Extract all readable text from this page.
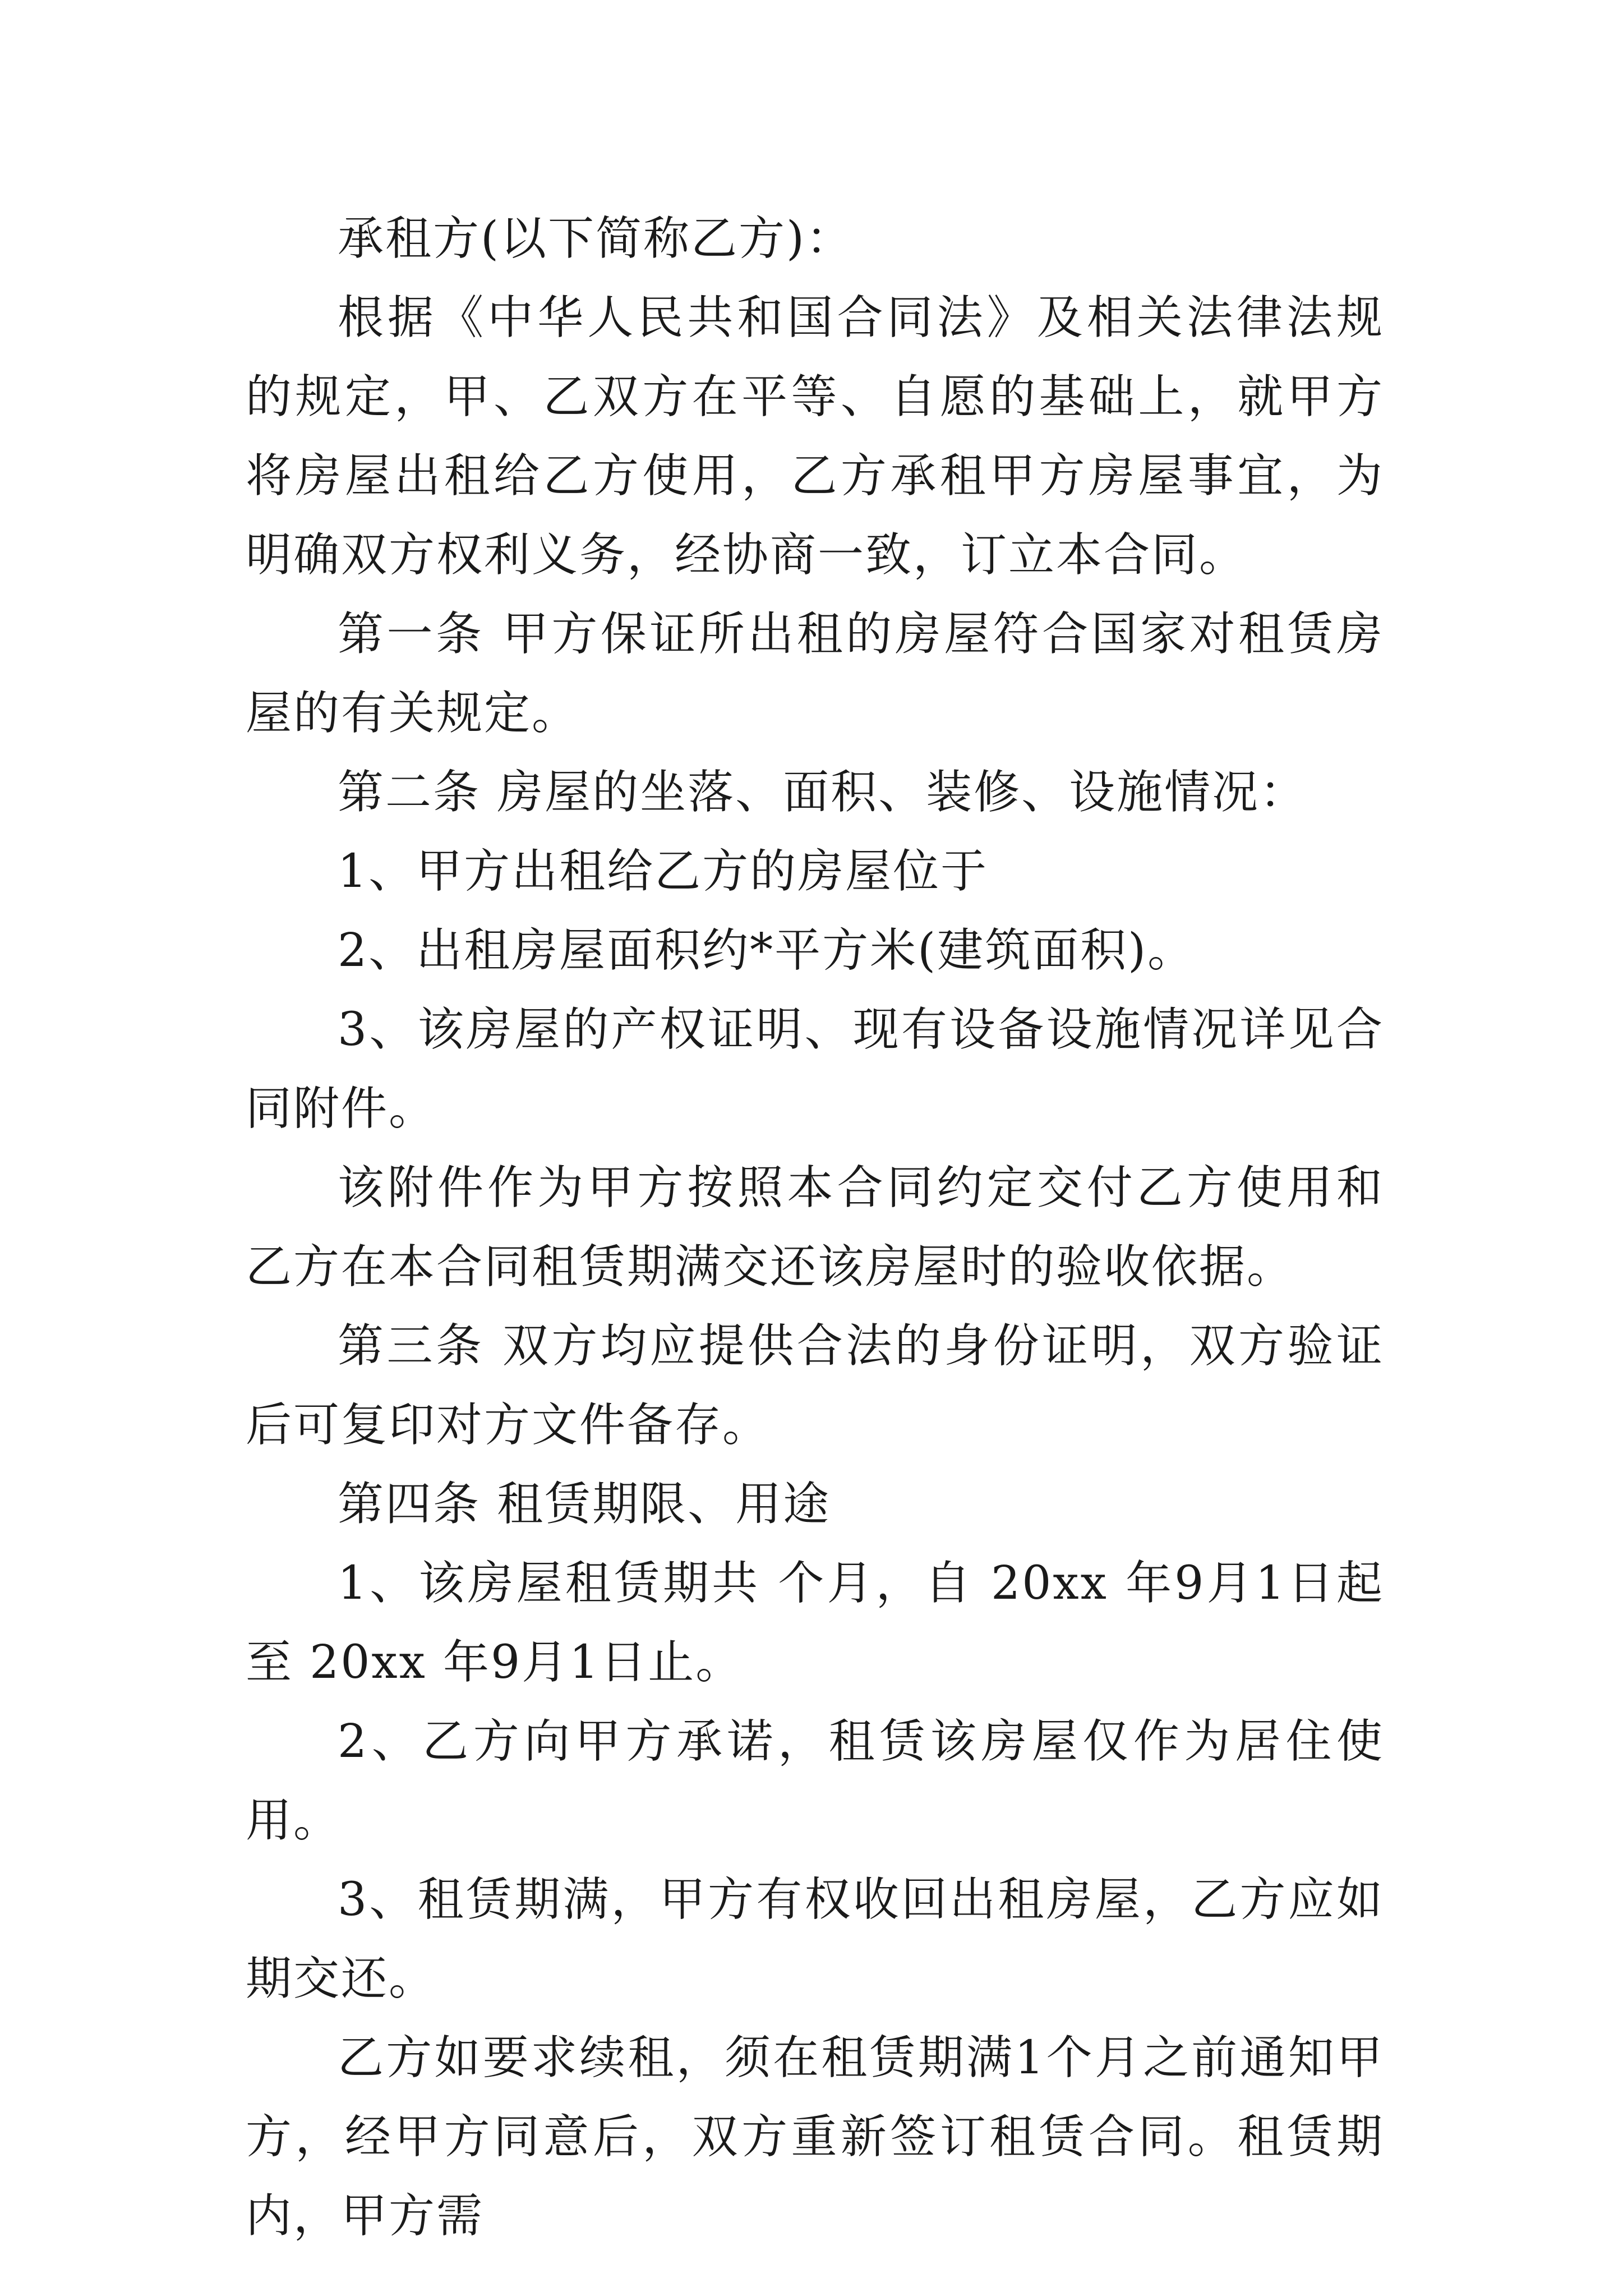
承租方(以下简称乙方)：

根据《中华人民共和国合同法》及相关法律法规的规定，甲、乙双方在平等、自愿的基础上，就甲方将房屋出租给乙方使用，乙方承租甲方房屋事宜，为明确双方权利义务，经协商一致，订立本合同。

第一条 甲方保证所出租的房屋符合国家对租赁房屋的有关规定。

第二条 房屋的坐落、面积、装修、设施情况：

1、甲方出租给乙方的房屋位于

2、出租房屋面积约*平方米(建筑面积)。

3、该房屋的产权证明、现有设备设施情况详见合同附件。

该附件作为甲方按照本合同约定交付乙方使用和乙方在本合同租赁期满交还该房屋时的验收依据。

第三条 双方均应提供合法的身份证明，双方验证后可复印对方文件备存。

第四条 租赁期限、用途

1、该房屋租赁期共 个月，自 20xx 年9月1日起至 20xx 年9月1日止。

2、乙方向甲方承诺，租赁该房屋仅作为居住使用。

3、租赁期满，甲方有权收回出租房屋，乙方应如期交还。

乙方如要求续租，须在租赁期满1个月之前通知甲方，经甲方同意后，双方重新签订租赁合同。租赁期内，甲方需
